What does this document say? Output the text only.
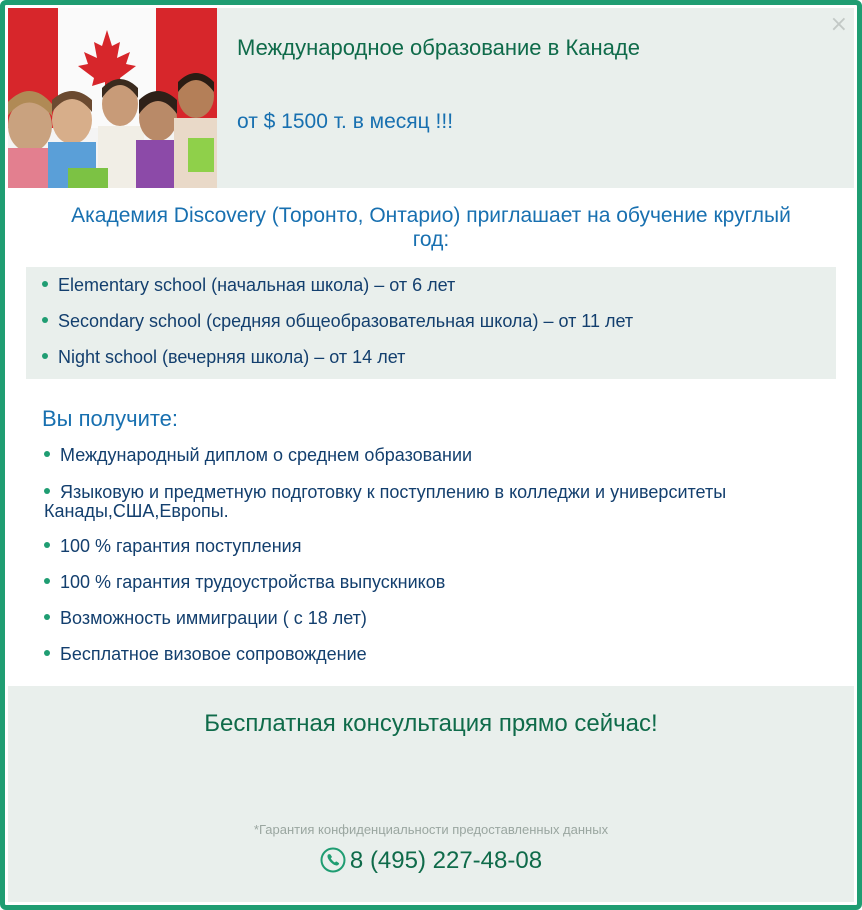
×
Международное образование в Канаде
от $ 1500 т. в месяц !!!
Академия Discovery (Торонто, Онтарио) приглашает на обучение круглый год:
Elementary school (начальная школа) – от 6 лет
Secondary school (средняя общеобразовательная школа) – от 11 лет
Night school (вечерняя школа) – от 14 лет
Вы получите:
Международный диплом о среднем образовании
Языковую и предметную подготовку к поступлению в колледжи и университеты Канады,США,Европы.
100 % гарантия поступления
100 % гарантия трудоустройства выпускников
Возможность иммиграции ( с 18 лет)
Бесплатное визовое сопровождение
Бесплатная консультация прямо сейчас!
*Гарантия конфиденциальности предоставленных данных
8 (495) 227-48-08
